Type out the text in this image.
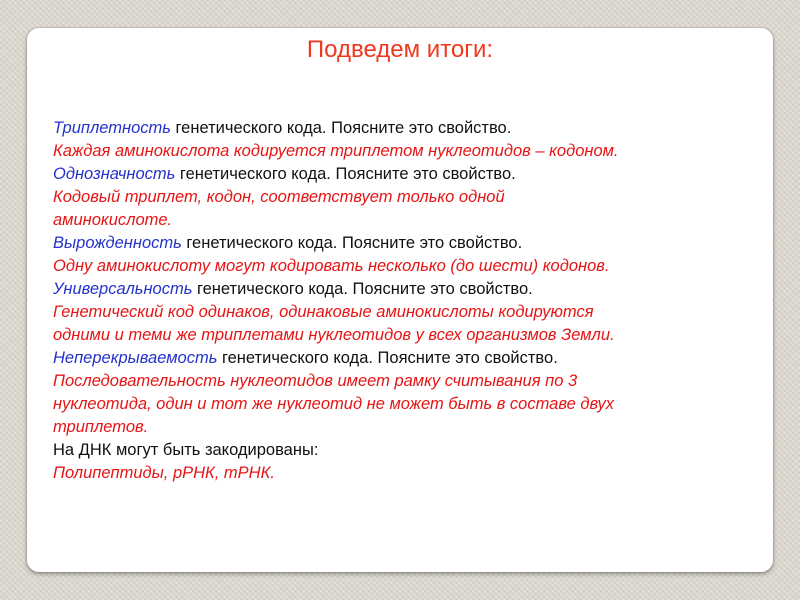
Подведем итоги:
Триплетность генетического кода. Поясните это свойство.
Каждая аминокислота кодируется триплетом нуклеотидов – кодоном.
Однозначность генетического кода. Поясните это свойство.
Кодовый триплет, кодон, соответствует только одной
аминокислоте.
Вырожденность генетического кода. Поясните это свойство.
Одну аминокислоту могут кодировать несколько (до шести) кодонов.
Универсальность генетического кода. Поясните это свойство.
Генетический код одинаков, одинаковые аминокислоты кодируются
одними и теми же триплетами нуклеотидов у всех организмов Земли.
Неперекрываемость генетического кода. Поясните это свойство.
Последовательность нуклеотидов имеет рамку считывания по 3
нуклеотида, один и тот же нуклеотид не может быть в составе двух
триплетов.
На ДНК могут быть закодированы:
Полипептиды, рРНК, тРНК.
